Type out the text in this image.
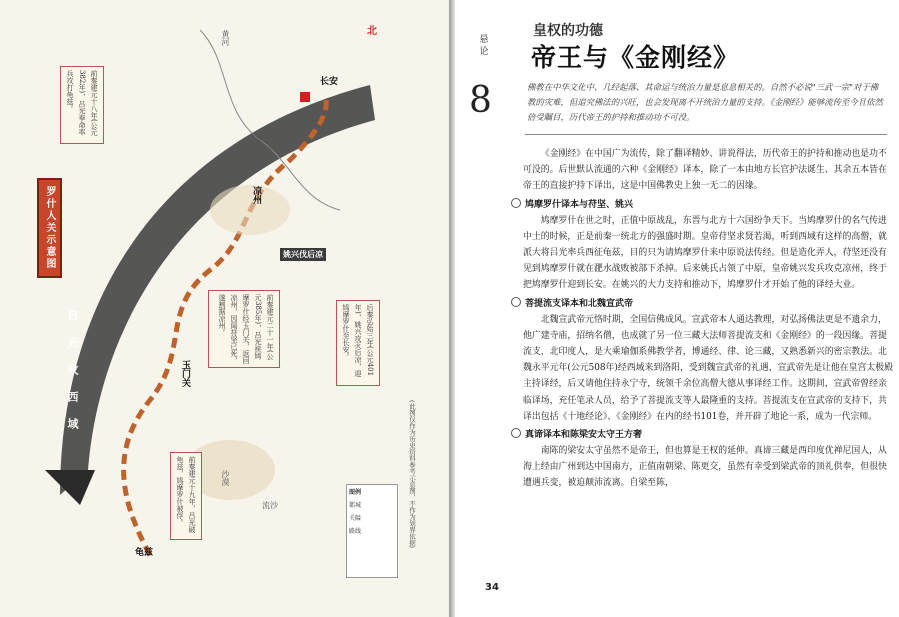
罗什人关示意图
北
长安
凉州
玉门关
龟兹
吕光攻西域
姚兴伐后凉
黄河
沙漠
流沙
戈壁
前秦建元十八年(公元382年)，吕光奉命率兵攻打龟兹。
前秦建元十九年，吕光破龟兹，鸠摩罗什被俘。
前秦建元二十一年(公元385年)，吕光挟鸠摩罗什经玉门关，返回凉州，因闻苻坚已死，遂割据凉州。	后秦弘始三年(公元401年)，姚兴攻灭后凉，迎鸠摩罗什至长安。
图例
都城
关隘
路线	(此图仅作为历史资料参考示意图，不作为划界依据)
悬论
8
皇权的功德
帝王与《金刚经》
佛教在中华文化中、几经起落、其命运与统治力量是息息相关的。自然不必说"三武一宗"对于佛教的灾难，但追究佛法的兴旺，也会发现离不开统治力量的支持。《金刚经》能够流传至今且依然倍受瞩目，历代帝王的护持和推动功不可没。

《金刚经》在中国广为流传，除了翻译精妙、讲说得法，历代帝王的护持和推动也是功不可没的。后世默认流通的六种《金刚经》译本，除了一本由地方长官护法诞生、其余五本皆在帝王的直接护持下译出，这是中国佛教史上独一无二的因缘。

鸠摩罗什译本与苻坚、姚兴

鸠摩罗什在世之时，正值中原战乱，东晋与北方十六国纷争天下。当鸠摩罗什的名气传进中土的时候，正是前秦一统北方的强盛时期。皇帝苻坚求贤若渴，听到西域有这样的高僧，就派大将吕光率兵西征龟兹，目的只为请鸠摩罗什来中原说法传经。但是造化弄人，苻坚还没有见到鸠摩罗什就在淝水战败被部下杀掉。后来姚氏占领了中原，皇帝姚兴发兵攻克凉州，终于把鸠摩罗什迎到长安。在姚兴的大力支持和推动下，鸠摩罗什才开始了他的译经大业。

菩提流支译本和北魏宣武帝

北魏宣武帝元恪时期，全国信佛成风。宣武帝本人通达教理，对弘扬佛法更是不遗余力，他广建寺庙，招纳名僧，也成就了另一位三藏大法师菩提流支和《金刚经》的一段因缘。菩提流支，北印度人，是大乘瑜伽系佛教学者，博通经、律、论三藏，又熟悉新兴的密宗教法。北魏永平元年(公元508年)经西域来到洛阳，受到魏宣武帝的礼遇，宣武帝先是让他在皇宫太极殿主持译经，后又请他住持永宁寺，统领千余位高僧大德从事译经工作。这期间，宣武帝曾经亲临译场，充任笔录人员，给予了菩提流支等人最隆重的支持。菩提流支在宣武帝的支持下，共译出包括《十地经论》、《金刚经》在内的经书101卷，并开辟了地论一系，成为一代宗师。

真谛译本和陈梁安太守王方奢

南陈的梁安太守虽然不是帝王，但也算是王权的延伸。真谛三藏是西印度优禅尼国人，从海上经由广州到达中国南方，正值南朝梁、陈更交，虽然有幸受到梁武帝的顶礼供奉，但很快遭遇兵变，被迫颠沛流离。自梁至陈，

34
